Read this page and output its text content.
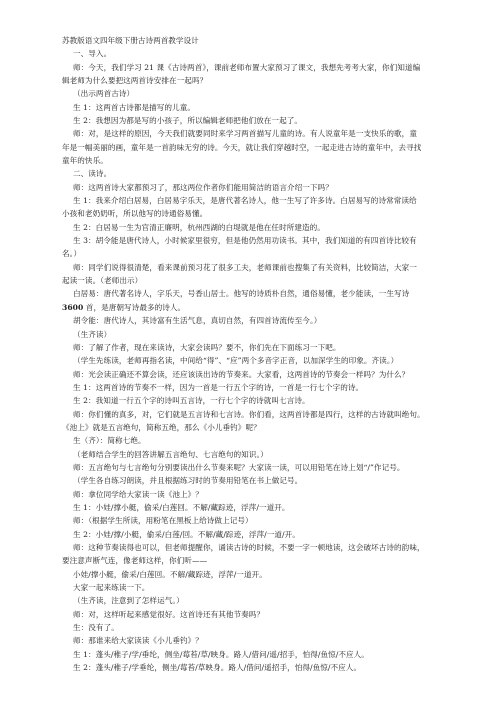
苏教版语文四年级下册古诗两首教学设计

一、导入。

师：今天，我们学习 21 课《古诗两首》，课前老师布置大家预习了课文，我想先考考大家，你们知道编

辑老师为什么要把这两首诗安排在一起吗？

（出示两首古诗）

生 1：这两首古诗都是描写的儿童。

生 2：我想因为都是写的小孩子，所以编辑老师把他们放在一起了。

师：对，是这样的原因，今天我们就要同时来学习两首描写儿童的诗。有人说童年是一支快乐的歌，童

年是一幅美丽的画，童年是一首韵味无穷的诗。今天，就让我们穿越时空，一起走进古诗的童年中，去寻找

童年的快乐。

二、读诗。

师：这两首诗大家都预习了，那这两位作者你们能用简洁的语言介绍一下吗？

生 1：我来介绍白居易，白居易字乐天，是唐代著名诗人，他一生写了许多诗。白居易写的诗常常读给

小孩和老奶奶听，所以他写的诗通俗易懂。

生 2：白居易一生为官清正廉明，杭州西湖的白堤就是他在任时所建造的。

生 3：胡令能是唐代诗人，小时候家里很穷，但是他仍然用功读书。其中，我们知道的有四首诗比较有

名。）

师：同学们说得很清楚，看来课前预习花了很多工夫，老师课前也搜集了有关资料，比较简洁，大家一

起读一读。（老师出示）

白居易：唐代著名诗人，字乐天，号香山居士。他写的诗质朴自然，通俗易懂，老少能读，一生写诗

3600 首，是唐朝写诗最多的诗人。

胡令能：唐代诗人，其诗富有生活气息，真切自然，有四首诗流传至今。）

（生齐读）

师：了解了作者，现在来读诗，大家会读吗？要不，你们先在下面练习一下吧。

（学生先练读，老师再指名读，中间给“得”、“应”两个多音字正音，以加深学生的印象。齐读。）

师：光会读正确还不算会读，还应该读出诗的节奏来。大家看，这两首诗的节奏会一样吗？为什么？

生 1：这两首诗的节奏不一样，因为一首是一行五个字的诗，一首是一行七个字的诗。

生 2：我知道一行五个字的诗叫五言诗，一行七个字的诗就叫七言诗。

师：你们懂的真多，对，它们就是五言诗和七言诗。你们看，这两首诗都是四行，这样的古诗就叫绝句。

《池上》就是五言绝句，简称五绝，那么《小儿垂钓》呢？

生（齐）：简称七绝。

（老师结合学生的回答讲解五言绝句、七言绝句的知识。）

师：五言绝句与七言绝句分别要读出什么节奏来呢？大家读一读，可以用铅笔在诗上划“/”作记号。

（学生各自练习朗读，并且根据练习时的节奏用铅笔在书上做记号。

师：拿位同学给大家读一读《池上》？

生 1：小娃/撑小艇，偷采/白莲回。不解/藏踪迹，浮萍/一道开。

师：（根据学生所读，用粉笔在黑板上给诗做上记号）

生 2：小娃/撑/小艇，偷采/白莲/回。不解/藏/踪迹，浮萍/一道/开。

师：这种节奏读得也可以，但老师提醒你，诵读古诗的时候，不要一字一顿地读，这会破坏古诗的韵味，

要注意声断气连，像老师这样，你们听——

小娃/撑小艇，偷采/白莲回。不解/藏踪迹，浮萍/一道开。

大家一起来练读一下。

（生齐读，注意到了怎样运气。）

师：对，这样听起来感觉很好。这首诗还有其他节奏吗？

生：没有了。

师：那谁来给大家读读《小儿垂钓》？

生 1：蓬头/稚子/学/垂纶，侧坐/莓苔/草/映身。路人/借问/遥/招手，怕得/鱼惊/不应人。

生 2：蓬头/稚子/学垂纶，侧坐/莓苔/草映身。路人/借问/遥招手，怕得/鱼惊/不应人。
